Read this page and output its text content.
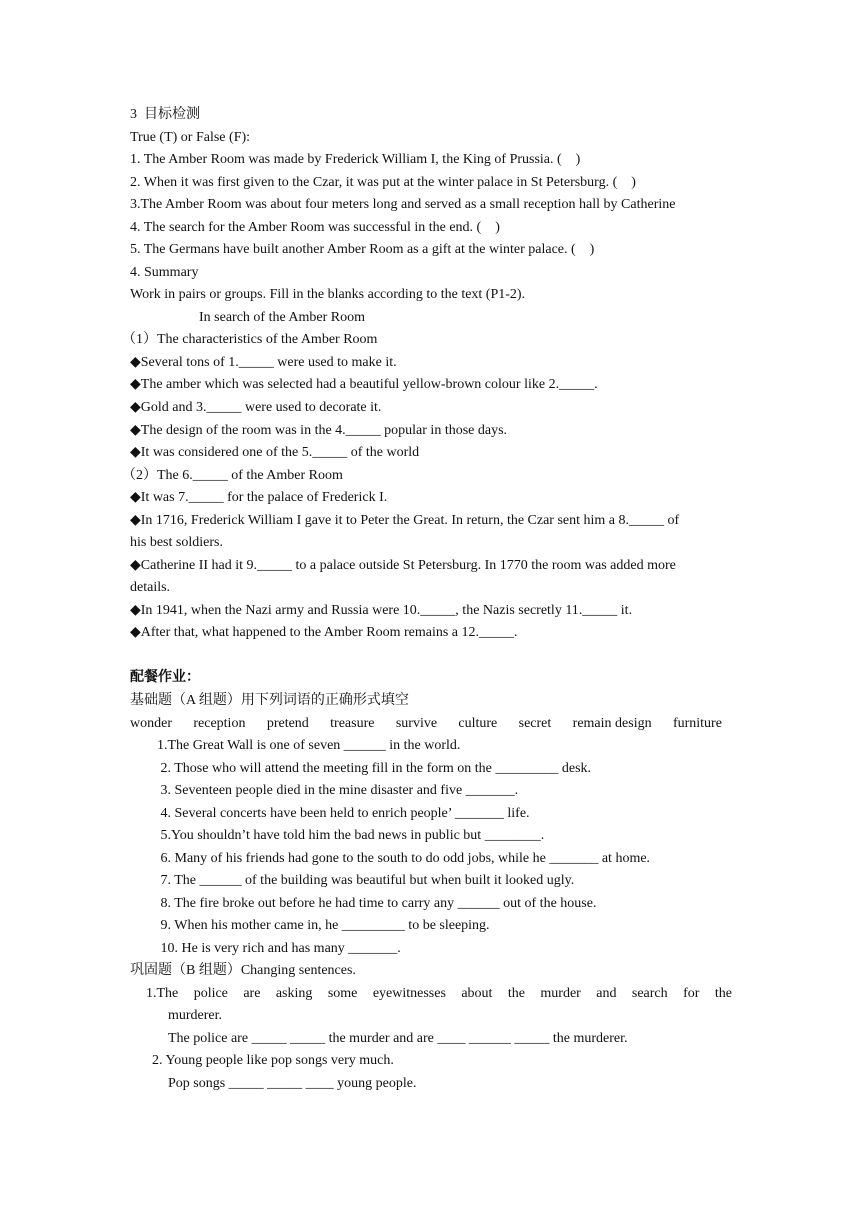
3  目标检测
True (T) or False (F):
1. The Amber Room was made by Frederick William I, the King of Prussia. (    )
2. When it was first given to the Czar, it was put at the winter palace in St Petersburg. (    )
3.The Amber Room was about four meters long and served as a small reception hall by Catherine
4. The search for the Amber Room was successful in the end. (    )
5. The Germans have built another Amber Room as a gift at the winter palace. (    )
4. Summary
Work in pairs or groups. Fill in the blanks according to the text (P1-2).
In search of the Amber Room
（1）The characteristics of the Amber Room
◆Several tons of 1._____ were used to make it.
◆The amber which was selected had a beautiful yellow-brown colour like 2._____.
◆Gold and 3._____ were used to decorate it.
◆The design of the room was in the 4._____ popular in those days.
◆It was considered one of the 5._____ of the world
（2）The 6._____ of the Amber Room
◆It was 7._____ for the palace of Frederick I.
◆In 1716, Frederick William I gave it to Peter the Great. In return, the Czar sent him a 8._____ of
his best soldiers.
◆Catherine II had it 9._____ to a palace outside St Petersburg. In 1770 the room was added more
details.
◆In 1941, when the Nazi army and Russia were 10._____, the Nazis secretly 11._____ it.
◆After that, what happened to the Amber Room remains a 12._____.
配餐作业：
基础题（A 组题）用下列词语的正确形式填空
wonder reception pretend treasure survive culture secret remain design furniture
1.The Great Wall is one of seven ______ in the world.
2. Those who will attend the meeting fill in the form on the _________ desk.
3. Seventeen people died in the mine disaster and five _______.
4. Several concerts have been held to enrich people’ _______ life.
5.You shouldn’t have told him the bad news in public but ________.
6. Many of his friends had gone to the south to do odd jobs, while he _______ at home.
7. The ______ of the building was beautiful but when built it looked ugly.
8. The fire broke out before he had time to carry any ______ out of the house.
9. When his mother came in, he _________ to be sleeping.
10. He is very rich and has many _______.
巩固题（B 组题）Changing sentences.
1.The police are asking some eyewitnesses about the murder and search for the
murderer.
The police are _____ _____ the murder and are ____ ______ _____ the murderer.
2. Young people like pop songs very much.
Pop songs _____ _____ ____ young people.
